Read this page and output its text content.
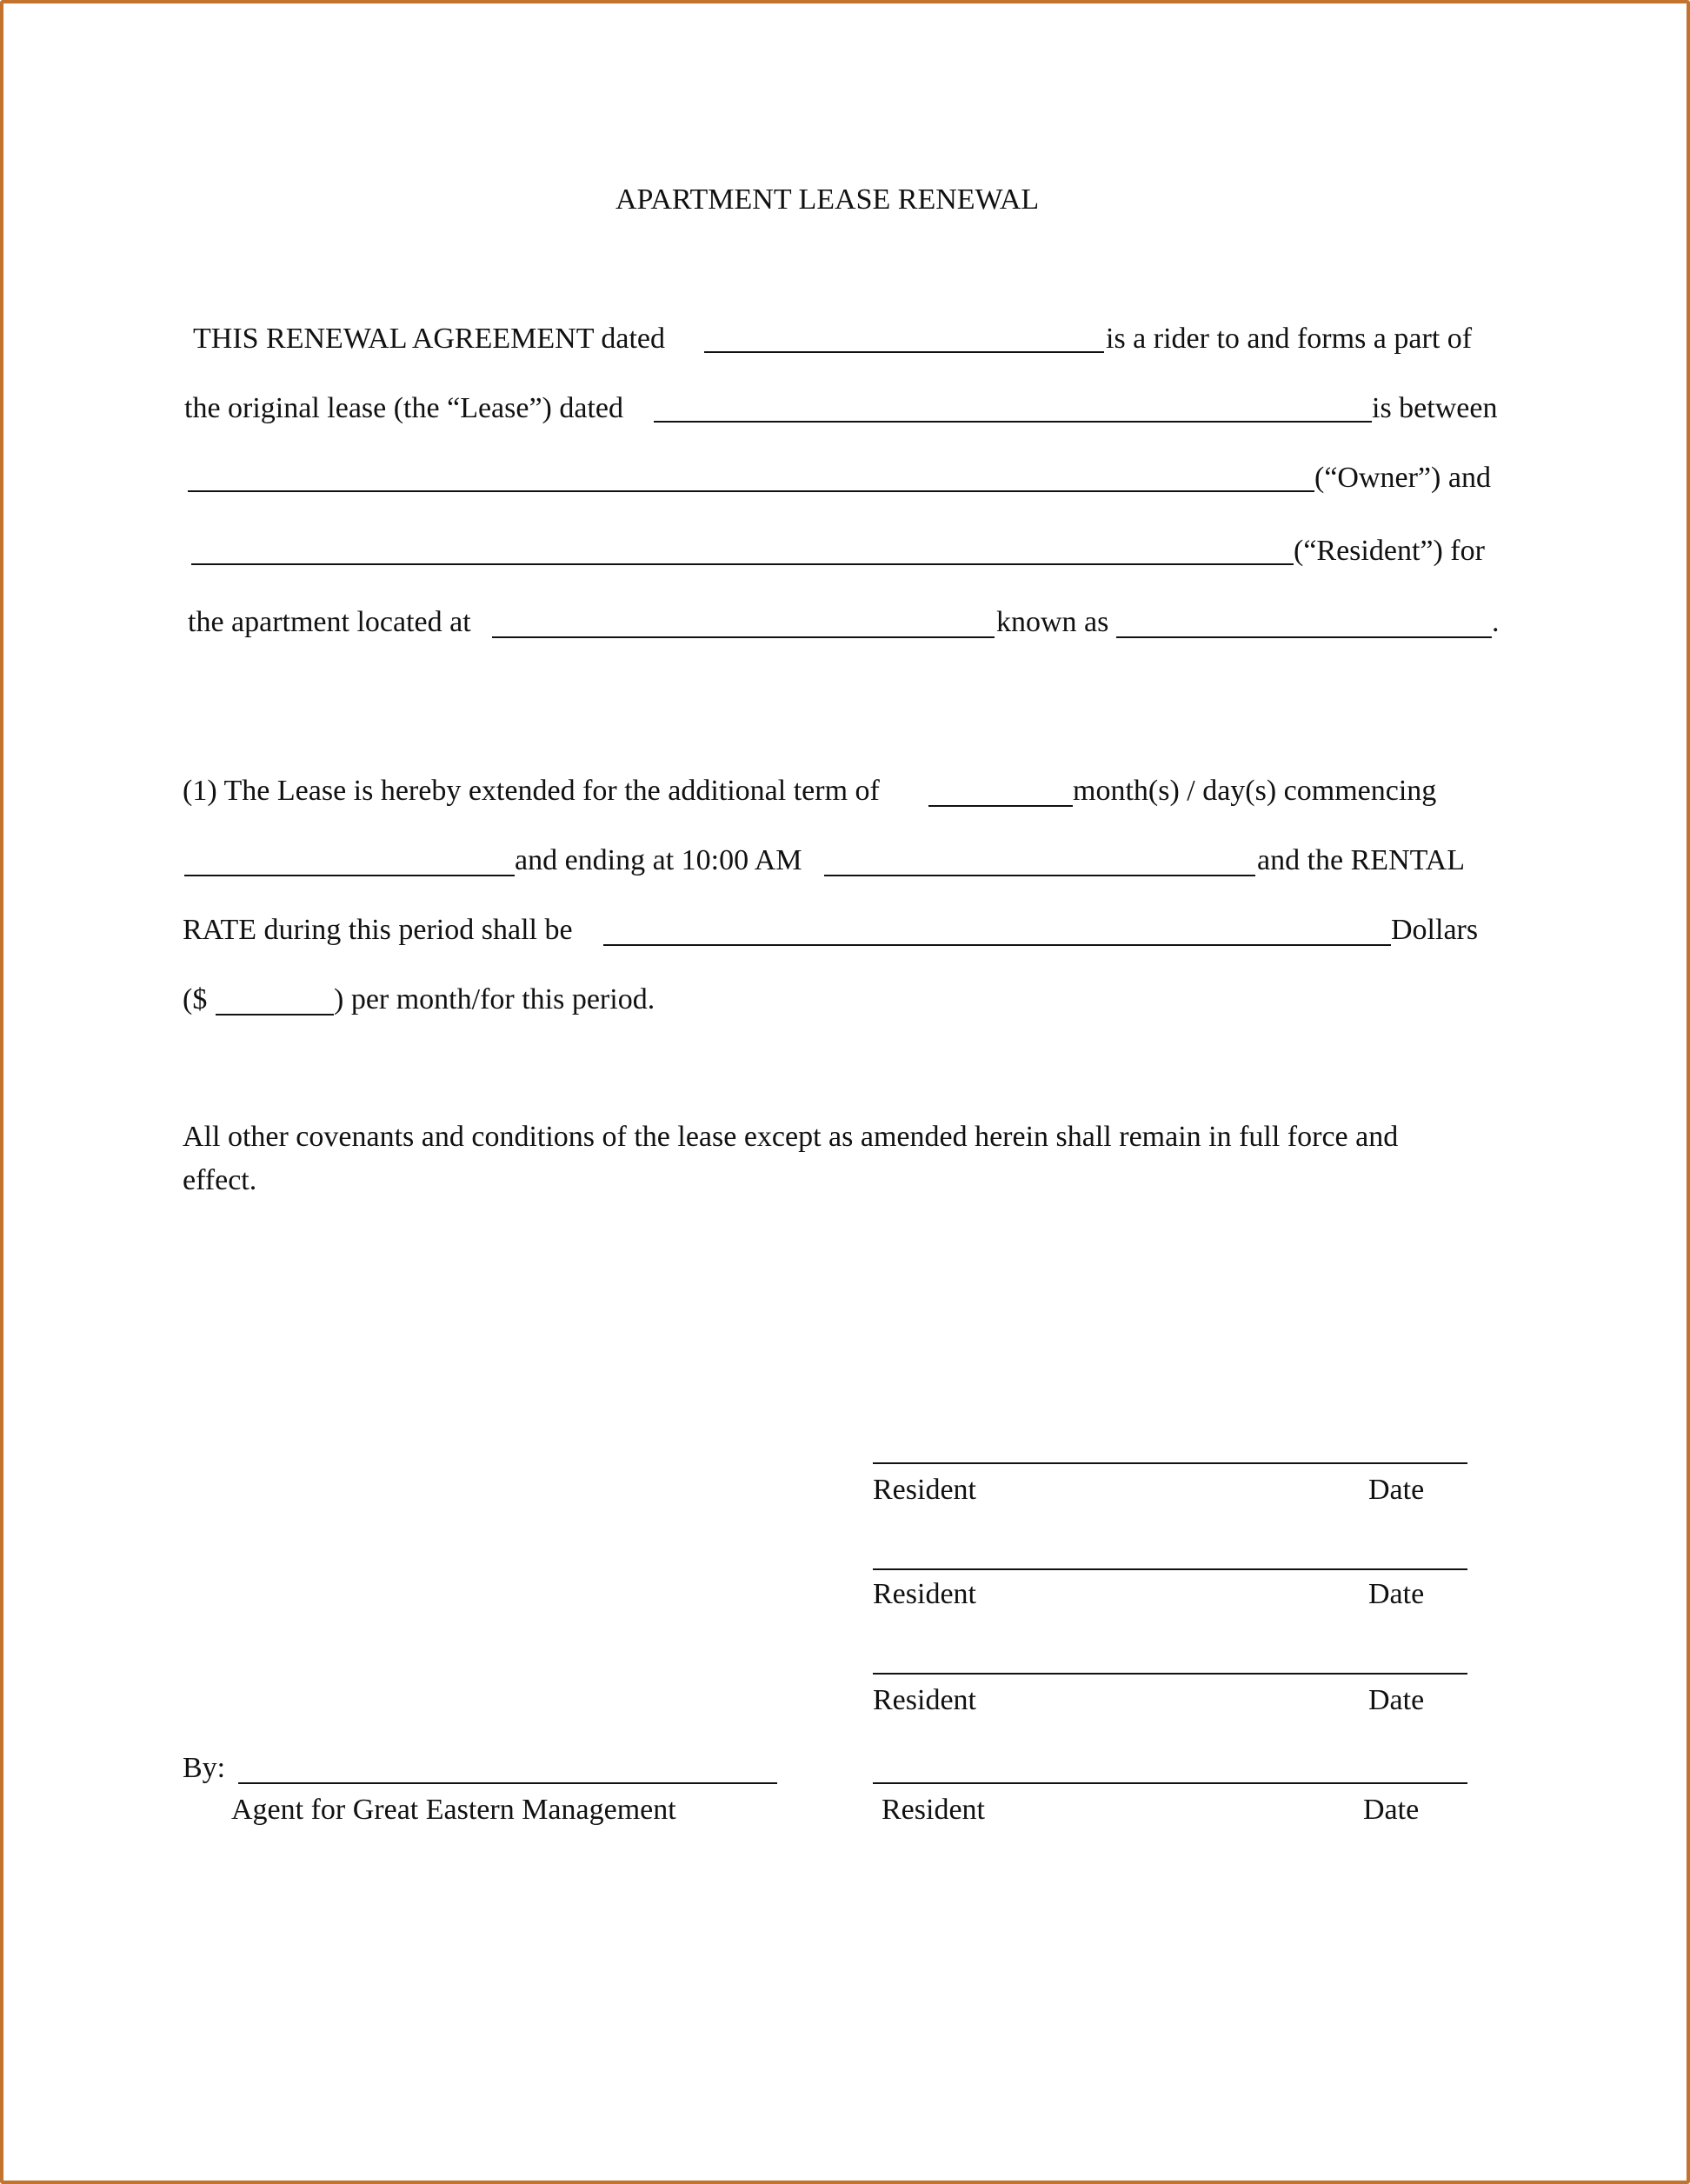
APARTMENT LEASE RENEWAL
THIS RENEWAL AGREEMENT dated	is a rider to and forms a part of
the original lease (the “Lease”) dated	is between
(“Owner”) and
(“Resident”) for
the apartment located at	known as	.
(1) The Lease is hereby extended for the additional term of	month(s) / day(s) commencing
and ending at 10:00 AM	and the RENTAL
RATE during this period shall be	Dollars
($	) per month/for this period.
All other covenants and conditions of the lease except as amended herein shall remain in full force and
effect.
Resident	Date
Resident	Date
Resident	Date
Resident	Date
By:
Agent for Great Eastern Management
